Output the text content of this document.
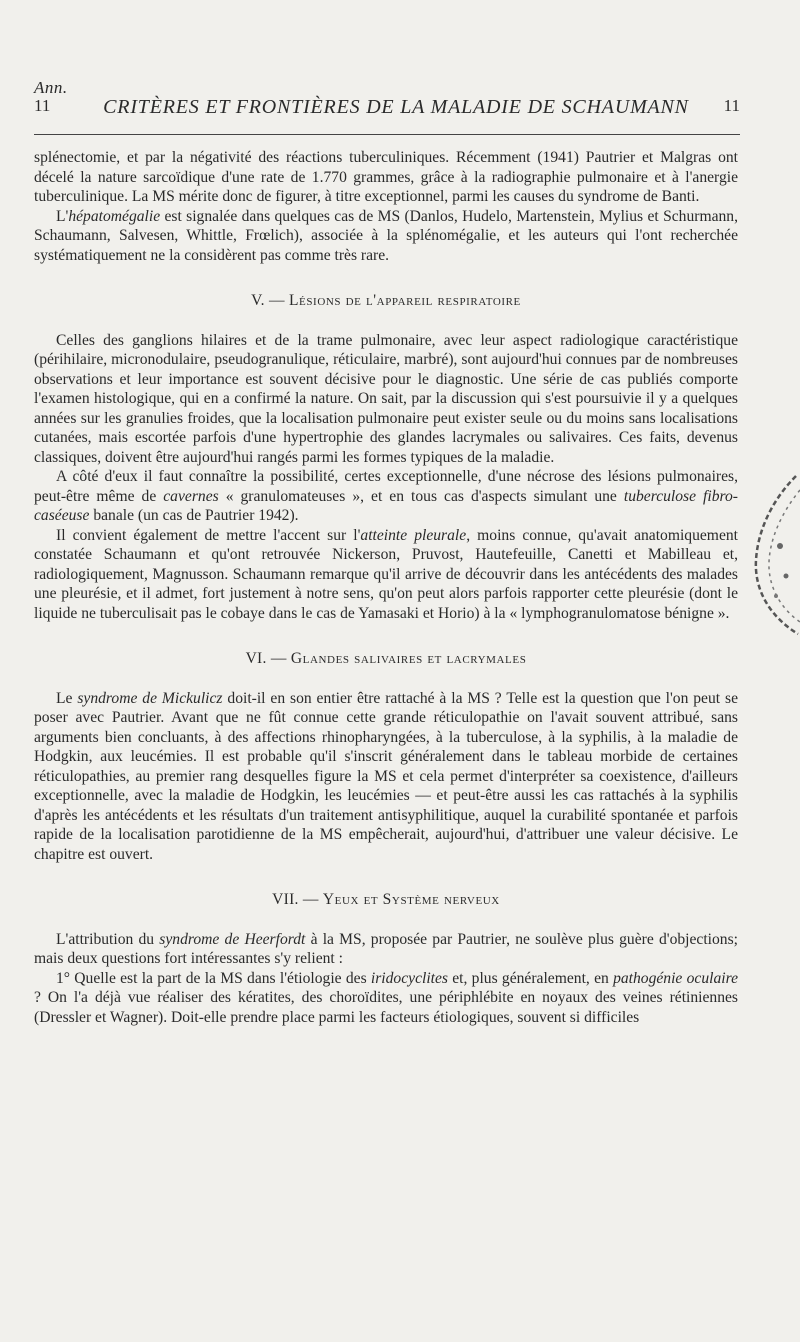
Ann.
11	CRITÈRES ET FRONTIÈRES DE LA MALADIE DE SCHAUMANN	11

splénectomie, et par la négativité des réactions tuberculiniques. Récemment (1941) Pautrier et Malgras ont décelé la nature sarcoïdique d'une rate de 1.770 grammes, grâce à la radiographie pulmonaire et à l'anergie tuberculinique. La MS mérite donc de figurer, à titre exceptionnel, parmi les causes du syndrome de Banti.

L'hépatomégalie est signalée dans quelques cas de MS (Danlos, Hudelo, Martenstein, Mylius et Schurmann, Schaumann, Salvesen, Whittle, Frœlich), associée à la splénomégalie, et les auteurs qui l'ont recherchée systématiquement ne la considèrent pas comme très rare.

V. — Lésions de l'appareil respiratoire

Celles des ganglions hilaires et de la trame pulmonaire, avec leur aspect radiologique caractéristique (périhilaire, micronodulaire, pseudogranulique, réticulaire, marbré), sont aujourd'hui connues par de nombreuses observations et leur importance est souvent décisive pour le diagnostic. Une série de cas publiés comporte l'examen histologique, qui en a confirmé la nature. On sait, par la discussion qui s'est poursuivie il y a quelques années sur les granulies froides, que la localisation pulmonaire peut exister seule ou du moins sans localisations cutanées, mais escortée parfois d'une hypertrophie des glandes lacrymales ou salivaires. Ces faits, devenus classiques, doivent être aujourd'hui rangés parmi les formes typiques de la maladie.

A côté d'eux il faut connaître la possibilité, certes exceptionnelle, d'une nécrose des lésions pulmonaires, peut-être même de cavernes « granulomateuses », et en tous cas d'aspects simulant une tuberculose fibro-caséeuse banale (un cas de Pautrier 1942).

Il convient également de mettre l'accent sur l'atteinte pleurale, moins connue, qu'avait anatomiquement constatée Schaumann et qu'ont retrouvée Nickerson, Pruvost, Hautefeuille, Canetti et Mabilleau et, radiologiquement, Magnusson. Schaumann remarque qu'il arrive de découvrir dans les antécédents des malades une pleurésie, et il admet, fort justement à notre sens, qu'on peut alors parfois rapporter cette pleurésie (dont le liquide ne tuberculisait pas le cobaye dans le cas de Yamasaki et Horio) à la « lymphogranulomatose bénigne ».

VI. — Glandes salivaires et lacrymales

Le syndrome de Mickulicz doit-il en son entier être rattaché à la MS ? Telle est la question que l'on peut se poser avec Pautrier. Avant que ne fût connue cette grande réticulopathie on l'avait souvent attribué, sans arguments bien concluants, à des affections rhinopharyngées, à la tuberculose, à la syphilis, à la maladie de Hodgkin, aux leucémies. Il est probable qu'il s'inscrit généralement dans le tableau morbide de certaines réticulopathies, au premier rang desquelles figure la MS et cela permet d'interpréter sa coexistence, d'ailleurs exceptionnelle, avec la maladie de Hodgkin, les leucémies — et peut-être aussi les cas rattachés à la syphilis d'après les antécédents et les résultats d'un traitement antisyphilitique, auquel la curabilité spontanée et parfois rapide de la localisation parotidienne de la MS empêcherait, aujourd'hui, d'attribuer une valeur décisive. Le chapitre est ouvert.

VII. — Yeux et Système nerveux

L'attribution du syndrome de Heerfordt à la MS, proposée par Pautrier, ne soulève plus guère d'objections; mais deux questions fort intéressantes s'y relient :

1° Quelle est la part de la MS dans l'étiologie des iridocyclites et, plus généralement, en pathogénie oculaire ? On l'a déjà vue réaliser des kératites, des choroïdites, une périphlébite en noyaux des veines rétiniennes (Dressler et Wagner). Doit-elle prendre place parmi les facteurs étiologiques, souvent si difficiles
